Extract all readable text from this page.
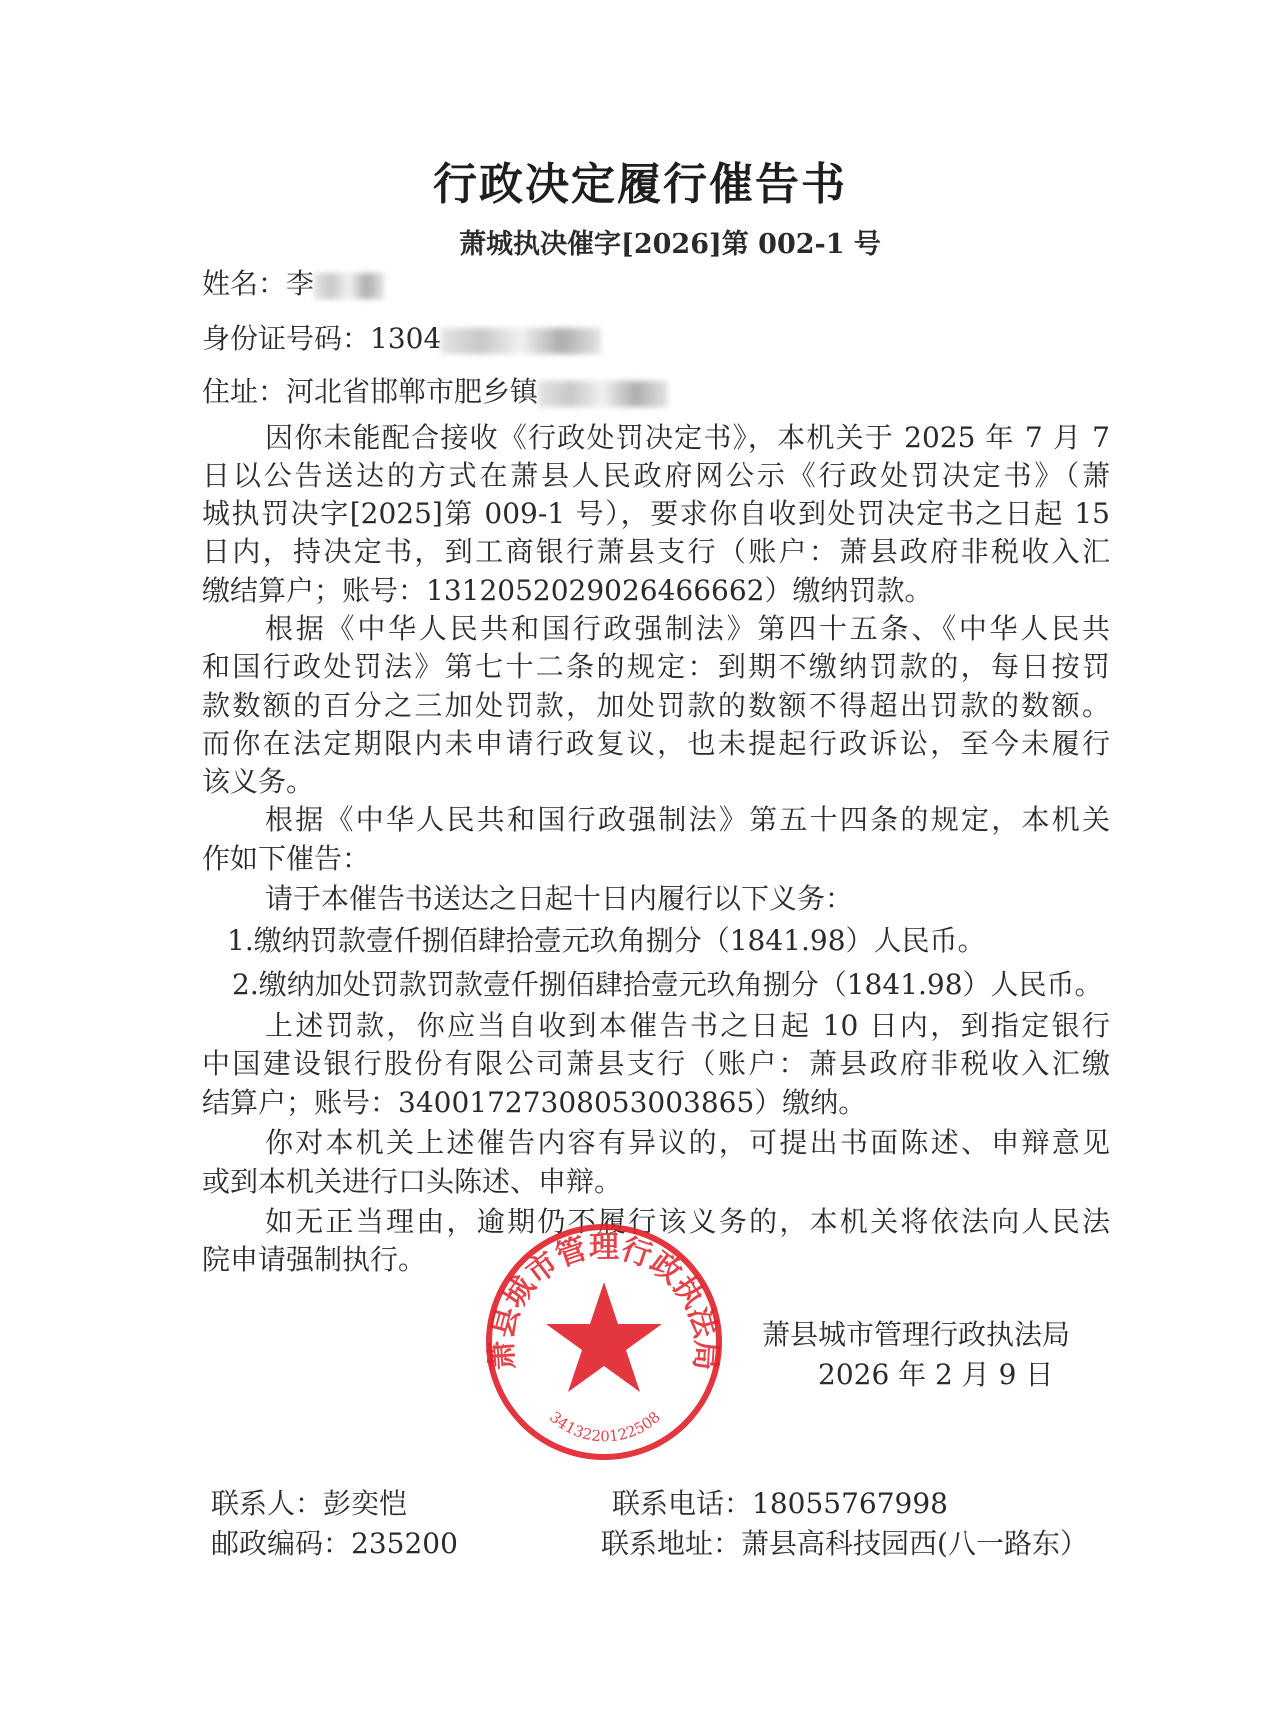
行政决定履行催告书
萧城执决催字[2026]第 002-1 号
姓名：李
身份证号码：1304
住址：河北省邯郸市肥乡镇
因你未能配合接收《行政处罚决定书》，本机关于 2025 年 7 月 7
日以公告送达的方式在萧县人民政府网公示《行政处罚决定书》（萧
城执罚决字[2025]第 009-1 号），要求你自收到处罚决定书之日起 15
日内，持决定书，到工商银行萧县支行（账户：萧县政府非税收入汇
缴结算户；账号：1312052029026466662）缴纳罚款。
根据《中华人民共和国行政强制法》第四十五条、《中华人民共
和国行政处罚法》第七十二条的规定：到期不缴纳罚款的，每日按罚
款数额的百分之三加处罚款，加处罚款的数额不得超出罚款的数额。
而你在法定期限内未申请行政复议，也未提起行政诉讼，至今未履行
该义务。
根据《中华人民共和国行政强制法》第五十四条的规定，本机关
作如下催告：
请于本催告书送达之日起十日内履行以下义务：
1.缴纳罚款壹仟捌佰肆拾壹元玖角捌分（1841.98）人民币。
2.缴纳加处罚款罚款壹仟捌佰肆拾壹元玖角捌分（1841.98）人民币。
上述罚款，你应当自收到本催告书之日起 10 日内，到指定银行
中国建设银行股份有限公司萧县支行（账户：萧县政府非税收入汇缴
结算户；账号：34001727308053003865）缴纳。
你对本机关上述催告内容有异议的，可提出书面陈述、申辩意见
或到本机关进行口头陈述、申辩。
如无正当理由，逾期仍不履行该义务的，本机关将依法向人民法
院申请强制执行。
萧县城市管理行政执法局
3413220122508
萧县城市管理行政执法局
2026 年 2 月 9 日
联系人：彭奕恺	联系电话：18055767998
邮政编码：235200	联系地址：萧县高科技园西(八一路东）
